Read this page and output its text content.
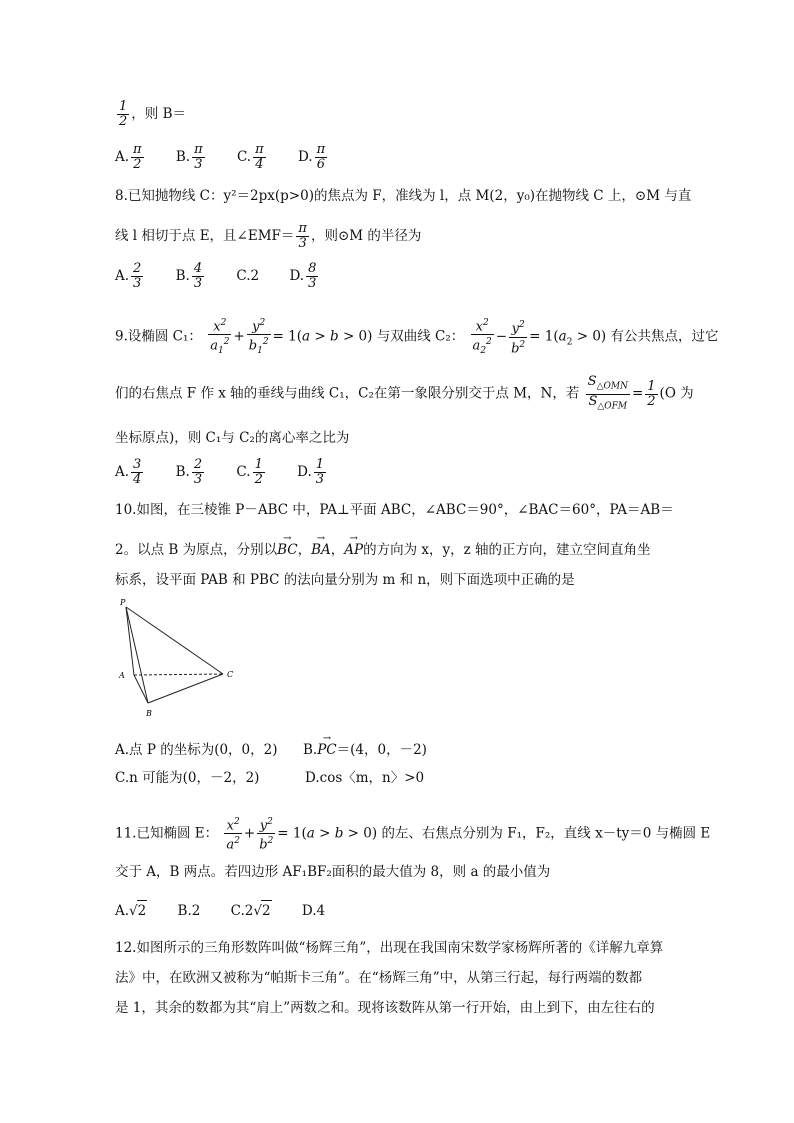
$\frac{1}{2}$ ，则 B＝
A. $\frac{\pi}{2} B$. $\frac{\pi}{3} C$. $\frac{\pi}{4} D$. $\frac{\pi}{6}$
8.已知抛物线 C：y²＝2px(p>0)的焦点为 F，准线为 l，点 M(2，y₀)在抛物线 C 上，⊙M 与直
线 l 相切于点 E，且∠EMF＝ $\frac{\pi}{3}$ ，则⊙M 的半径为
A. $\frac{2}{3} B$. $\frac{4}{3} C.2$ D. $\frac{8}{3}$
9.设椭圆 C₁： $\frac{x^2}{a_1^2} + \frac{y^2}{b_1^2} = 1(a > b > 0)$ 与双曲线 C₂： $\frac{x^2}{a_2^2} - \frac{y^2}{b^2} = 1(a_2 > 0)$ 有公共焦点，过它
们的右焦点 F 作 x 轴的垂线与曲线 C₁，C₂在第一象限分别交于点 M，N，若 $\frac{S_{\triangle OMN}}{S_{\triangle OFM}} = \frac{1}{2} (O$ 为
坐标原点)，则 C₁与 C₂的离心率之比为
A. $\frac{3}{4} B$. $\frac{2}{3} C$. $\frac{1}{2} D$. $\frac{1}{3}$
10.如图，在三棱锥 P－ABC 中，PA⊥平面 ABC，∠ABC＝90°，∠BAC＝60°，PA＝AB＝
2。以点 B 为原点，分别以→ BC，→ BA，→ AP的方向为 x，y，z 轴的正方向，建立空间直角坐
标系，设平面 PAB 和 PBC 的法向量分别为 m 和 n，则下面选项中正确的是
P
A
B
C
A.点 P 的坐标为(0，0，2) B.→ PC＝(4，0，－2)
C.n 可能为(0，－2，2)	D.cos〈m，n〉>0
11.已知椭圆 E： $\frac{x^2}{a^2} + \frac{y^2}{b^2} = 1(a > b > 0)$ 的左、右焦点分别为 F₁，F₂，直线 x－ty＝0 与椭圆 E
交于 A，B 两点。若四边形 AF₁BF₂面积的最大值为 8，则 a 的最小值为
A.√2 B.2 C.2√2 D.4
12.如图所示的三角形数阵叫做“杨辉三角”，出现在我国南宋数学家杨辉所著的《详解九章算
法》中，在欧洲又被称为“帕斯卡三角”。在“杨辉三角”中，从第三行起，每行两端的数都
是 1，其余的数都为其“肩上”两数之和。现将该数阵从第一行开始，由上到下，由左往右的
